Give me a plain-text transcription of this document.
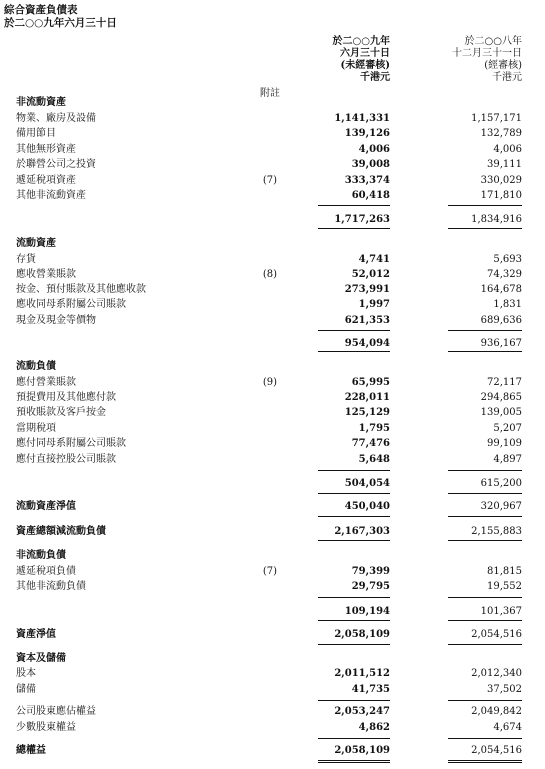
綜合資產負債表
於二○○九年六月三十日
於二○○九年
六月三十日
(未經審核)
千港元
於二○○八年
十二月三十一日
(經審核)
千港元
附註
非流動資產
物業、廠房及設備	1,141,331	1,157,171
備用節目	139,126	132,789
其他無形資產	4,006	4,006
於聯營公司之投資	39,008	39,111
遞延稅項資產	(7)	333,374	330,029
其他非流動資產	60,418	171,810
1,717,263	1,834,916
流動資產
存貨	4,741	5,693
應收營業賬款	(8)	52,012	74,329
按金、預付賬款及其他應收款	273,991	164,678
應收同母系附屬公司賬款	1,997	1,831
現金及現金等價物	621,353	689,636
954,094	936,167
流動負債
應付營業賬款	(9)	65,995	72,117
預提費用及其他應付款	228,011	294,865
預收賬款及客戶按金	125,129	139,005
當期稅項	1,795	5,207
應付同母系附屬公司賬款	77,476	99,109
應付直接控股公司賬款	5,648	4,897
504,054	615,200
流動資產淨值	450,040	320,967
資產總額減流動負債	2,167,303	2,155,883
非流動負債
遞延稅項負債	(7)	79,399	81,815
其他非流動負債	29,795	19,552
109,194	101,367
資產淨值	2,058,109	2,054,516
資本及儲備
股本	2,011,512	2,012,340
儲備	41,735	37,502
公司股東應佔權益	2,053,247	2,049,842
少數股東權益	4,862	4,674
總權益	2,058,109	2,054,516
